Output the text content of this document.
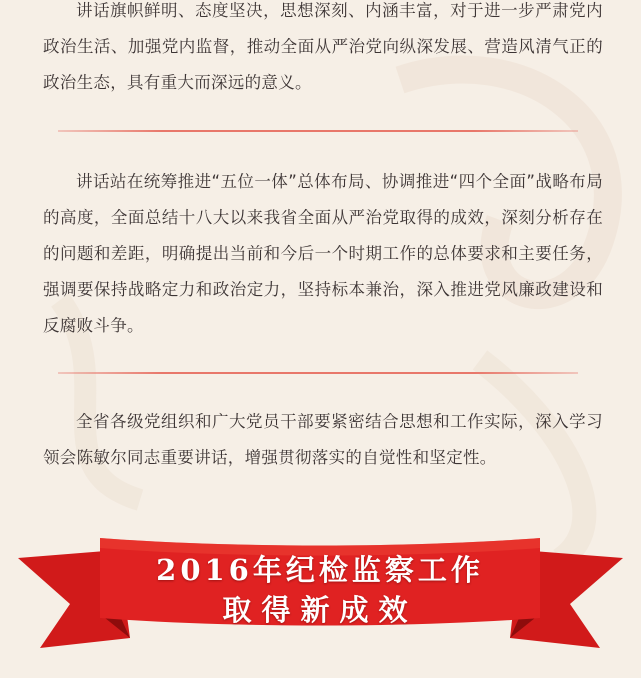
讲话旗帜鲜明、态度坚决，思想深刻、内涵丰富，对于进一步严肃党内政治生活、加强党内监督，推动全面从严治党向纵深发展、营造风清气正的政治生态，具有重大而深远的意义。
讲话站在统筹推进“五位一体”总体布局、协调推进“四个全面”战略布局的高度，全面总结十八大以来我省全面从严治党取得的成效，深刻分析存在的问题和差距，明确提出当前和今后一个时期工作的总体要求和主要任务，强调要保持战略定力和政治定力，坚持标本兼治，深入推进党风廉政建设和反腐败斗争。
全省各级党组织和广大党员干部要紧密结合思想和工作实际，深入学习领会陈敏尔同志重要讲话，增强贯彻落实的自觉性和坚定性。
2016年纪检监察工作
取得新成效
